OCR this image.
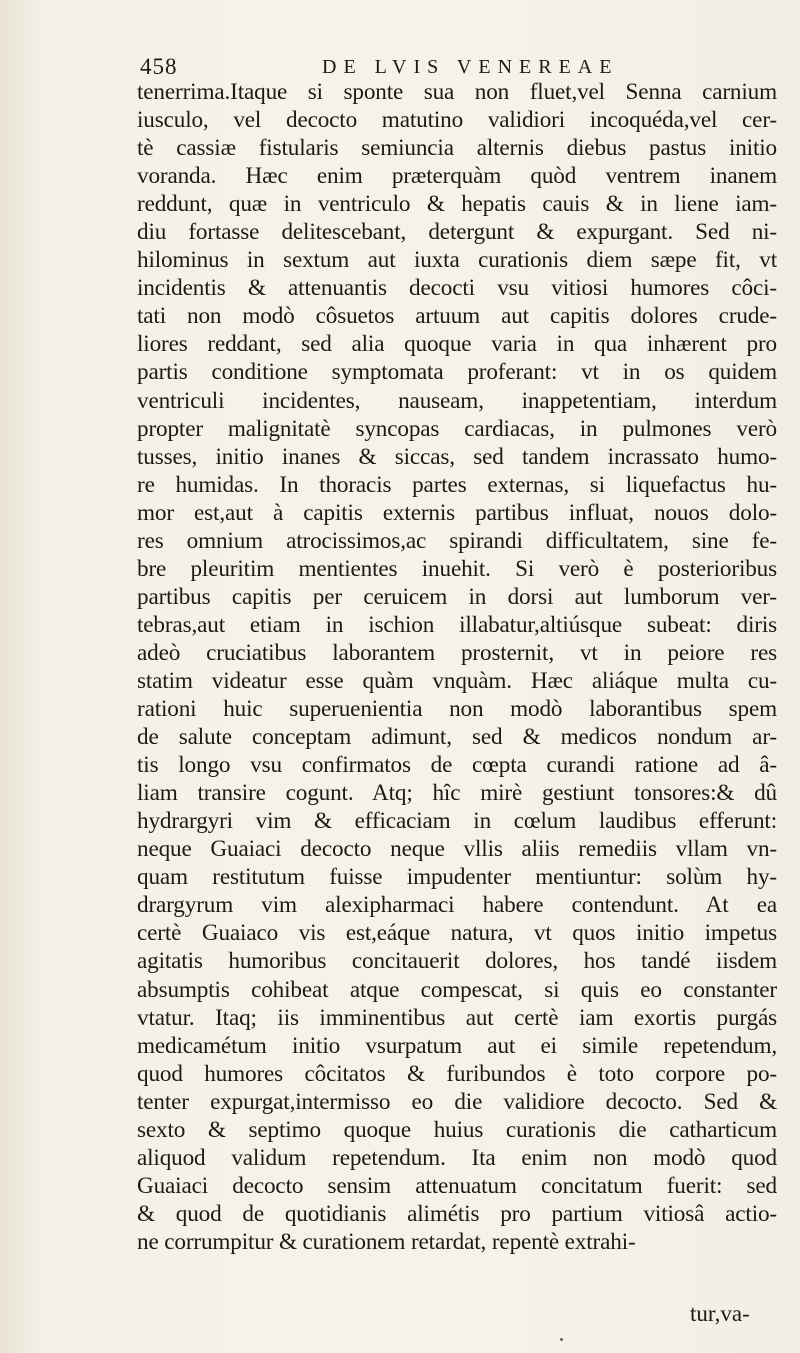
458	DE LVIS VENEREAE
tenerrima.Itaque si sponte sua non fluet,vel Senna carnium
iusculo, vel decocto matutino validiori incoquéda,vel cer-
tè cassiæ fistularis semiuncia alternis diebus pastus initio
voranda. Hæc enim præterquàm quòd ventrem inanem
reddunt, quæ in ventriculo & hepatis cauis & in liene iam-
diu fortasse delitescebant, detergunt & expurgant. Sed ni-
hilominus in sextum aut iuxta curationis diem sæpe fit, vt
incidentis & attenuantis decocti vsu vitiosi humores côci-
tati non modò côsuetos artuum aut capitis dolores crude-
liores reddant, sed alia quoque varia in qua inhærent pro
partis conditione symptomata proferant: vt in os quidem
ventriculi incidentes, nauseam, inappetentiam, interdum
propter malignitatè syncopas cardiacas, in pulmones verò
tusses, initio inanes & siccas, sed tandem incrassato humo-
re humidas. In thoracis partes externas, si liquefactus hu-
mor est,aut à capitis externis partibus influat, nouos dolo-
res omnium atrocissimos,ac spirandi difficultatem, sine fe-
bre pleuritim mentientes inuehit. Si verò è posterioribus
partibus capitis per ceruicem in dorsi aut lumborum ver-
tebras,aut etiam in ischion illabatur,altiúsque subeat: diris
adeò cruciatibus laborantem prosternit, vt in peiore res
statim videatur esse quàm vnquàm. Hæc aliáque multa cu-
rationi huic superuenientia non modò laborantibus spem
de salute conceptam adimunt, sed & medicos nondum ar-
tis longo vsu confirmatos de cœpta curandi ratione ad â-
liam transire cogunt. Atq; hîc mirè gestiunt tonsores:& dû
hydrargyri vim & efficaciam in cœlum laudibus efferunt:
neque Guaiaci decocto neque vllis aliis remediis vllam vn-
quam restitutum fuisse impudenter mentiuntur: solùm hy-
drargyrum vim alexipharmaci habere contendunt. At ea
certè Guaiaco vis est,eáque natura, vt quos initio impetus
agitatis humoribus concitauerit dolores, hos tandé iisdem
absumptis cohibeat atque compescat, si quis eo constanter
vtatur. Itaq; iis imminentibus aut certè iam exortis purgás
medicamétum initio vsurpatum aut ei simile repetendum,
quod humores côcitatos & furibundos è toto corpore po-
tenter expurgat,intermisso eo die validiore decocto. Sed &
sexto & septimo quoque huius curationis die catharticum
aliquod validum repetendum. Ita enim non modò quod
Guaiaci decocto sensim attenuatum concitatum fuerit: sed
& quod de quotidianis alimétis pro partium vitiosâ actio-
ne corrumpitur & curationem retardat, repentè extrahi-
tur,va-
